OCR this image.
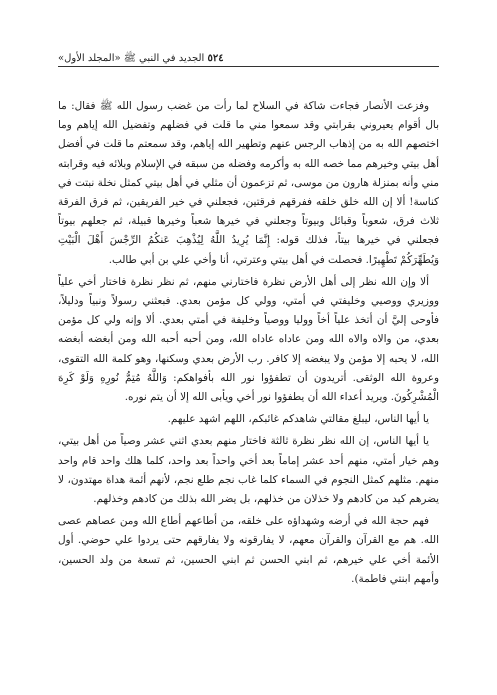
٥٢٤ الجديد في النبي ﷺ «المجلد الأول»

وفزعت الأنصار فجاءت شاكة في السلاح لما رأت من غضب رسول الله ﷺ فقال: ما بال أقوام يعيروني بقرابتي وقد سمعوا مني ما قلت في فضلهم وتفضيل الله إياهم وما اختصهم الله به من إذهاب الرجس عنهم وتطهير الله إياهم، وقد سمعتم ما قلت في أفضل أهل بيتي وخيرهم مما خصه الله به وأكرمه وفضله من سبقه في الإسلام وبلائه فيه وقرابته مني وأنه بمنزلة هارون من موسى، ثم تزعمون أن مثلي في أهل بيتي كمثل نخلة نبتت في كناسة! ألا إن الله خلق خلقه ففرقهم فرقتين، فجعلني في خير الفريقين، ثم فرق الفرقة ثلاث فرق، شعوباً وقبائل وبيوتاً وجعلني في خيرها شعباً وخيرها قبيلة، ثم جعلهم بيوتاً فجعلني في خيرها بيتاً، فذلك قوله: إِنَّمَا يُرِيدُ اللَّهُ لِيُذْهِبَ عَنكُمُ الرِّجْسَ أَهْلَ الْبَيْتِ وَيُطَهِّرَكُمْ تَطْهِيرًا. فحصلت في أهل بيتي وعترتي، أنا وأخي علي بن أبي طالب.

ألا وإن الله نظر إلى أهل الأرض نظرة فاختارني منهم، ثم نظر نظرة فاختار أخي علياً ووزيري ووصيي وخليفتي في أمتي، وولي كل مؤمن بعدي. فبعثني رسولاً ونبياً ودليلاً، فأوحى إليَّ أن أتخذ علياً أخاً ووليا ووصياً وخليفة في أمتي بعدي. ألا وإنه ولي كل مؤمن بعدي، من والاه والاه الله ومن عاداه عاداه الله، ومن أحبه أحبه الله ومن أبغضه أبغضه الله، لا يحبه إلا مؤمن ولا يبغضه إلا كافر. رب الأرض بعدي وسكنها، وهو كلمة الله التقوى، وعروة الله الوثقى. أتريدون أن تطفؤوا نور الله بأفواهكم: وَاللَّهُ مُتِمُّ نُورِهِ وَلَوْ كَرِهَ الْمُشْرِكُونَ. ويريد أعداء الله أن يطفؤوا نور أخي ويأبى الله إلا أن يتم نوره.

يا أيها الناس، ليبلغ مقالتي شاهدكم غائبكم، اللهم اشهد عليهم.

يا أيها الناس، إن الله نظر نظرة ثالثة فاختار منهم بعدي اثني عشر وصياً من أهل بيتي، وهم خيار أمتي، منهم أحد عشر إماماً بعد أخي واحداً بعد واحد، كلما هلك واحد قام واحد منهم. مثلهم كمثل النجوم في السماء كلما غاب نجم طلع نجم، لأنهم أئمة هداة مهتدون، لا يضرهم كيد من كادهم ولا خذلان من خذلهم، بل يضر الله بذلك من كادهم وخذلهم.

فهم حجة الله في أرضه وشهداؤه على خلقه، من أطاعهم أطاع الله ومن عصاهم عصى الله. هم مع القرآن والقرآن معهم، لا يفارقونه ولا يفارقهم حتى يردوا علي حوضي. أول الأئمة أخي علي خيرهم، ثم ابني الحسن ثم ابني الحسين، ثم تسعة من ولد الحسين، وأمهم ابنتي فاطمة).
